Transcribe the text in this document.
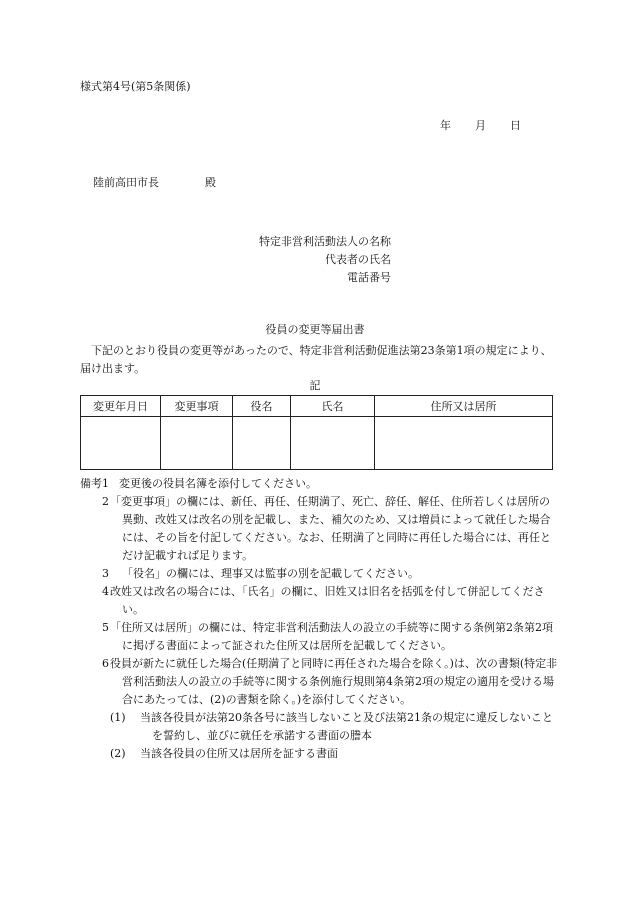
様式第4号(第5条関係)
年 月 日
陸前高田市長	殿
特定非営利活動法人の名称
代表者の氏名
電話番号
役員の変更等届出書

下記のとおり役員の変更等があったので、特定非営利活動促進法第23条第1項の規定により、届け出ます。

記
変更年月日	変更事項	役名	氏名	住所又は居所

備考1 変更後の役員名簿を添付してください。
2 「変更事項」の欄には、新任、再任、任期満了、死亡、辞任、解任、住所若しくは居所の異動、改姓又は改名の別を記載し、また、補欠のため、又は増員によって就任した場合には、その旨を付記してください。なお、任期満了と同時に再任した場合には、再任とだけ記載すれば足ります。
3 「役名」の欄には、理事又は監事の別を記載してください。
4 改姓又は改名の場合には、「氏名」の欄に、旧姓又は旧名を括弧を付して併記してください。
5 「住所又は居所」の欄には、特定非営利活動法人の設立の手続等に関する条例第2条第2項に掲げる書面によって証された住所又は居所を記載してください。
6 役員が新たに就任した場合(任期満了と同時に再任された場合を除く。)は、次の書類(特定非営利活動法人の設立の手続等に関する条例施行規則第4条第2項の規定の適用を受ける場合にあたっては、(2)の書類を除く。)を添付してください。
(1) 当該各役員が法第20条各号に該当しないこと及び法第21条の規定に違反しないことを誓約し、並びに就任を承諾する書面の謄本
(2) 当該各役員の住所又は居所を証する書面
